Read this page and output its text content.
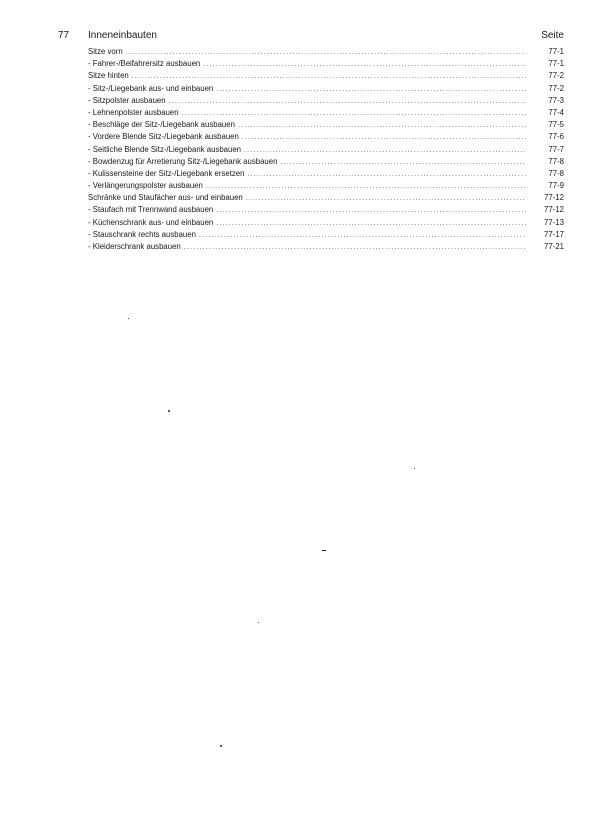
77 Inneneinbauten	Seite
Sitze vorn .....	77-1
- Fahrer-/Beifahrersitz ausbauen .....	77-1
Sitze hinten .....	77-2
- Sitz-/Liegebank aus- und einbauen .....	77-2
- Sitzpolster ausbauen .....	77-3
- Lehnenpolster ausbauen .....	77-4
- Beschläge der Sitz-/Liegebank ausbauen .....	77-5
- Vordere Blende Sitz-/Liegebank ausbauen .....	77-6
- Seitliche Blende Sitz-/Liegebank ausbauen .....	77-7
- Bowdenzug für Arretierung Sitz-/Liegebank ausbauen .....	77-8
- Kulissensteine der Sitz-/Liegebank ersetzen .....	77-8
- Verlängerungspolster ausbauen .....	77-9
Schränke und Staufächer aus- und einbauen .....	77-12
- Staufach mit Trennwand ausbauen .....	77-12
- Küchenschrank aus- und einbauen .....	77-13
- Stauschrank rechts ausbauen .....	77-17
- Kleiderschrank ausbauen .....	77-21
